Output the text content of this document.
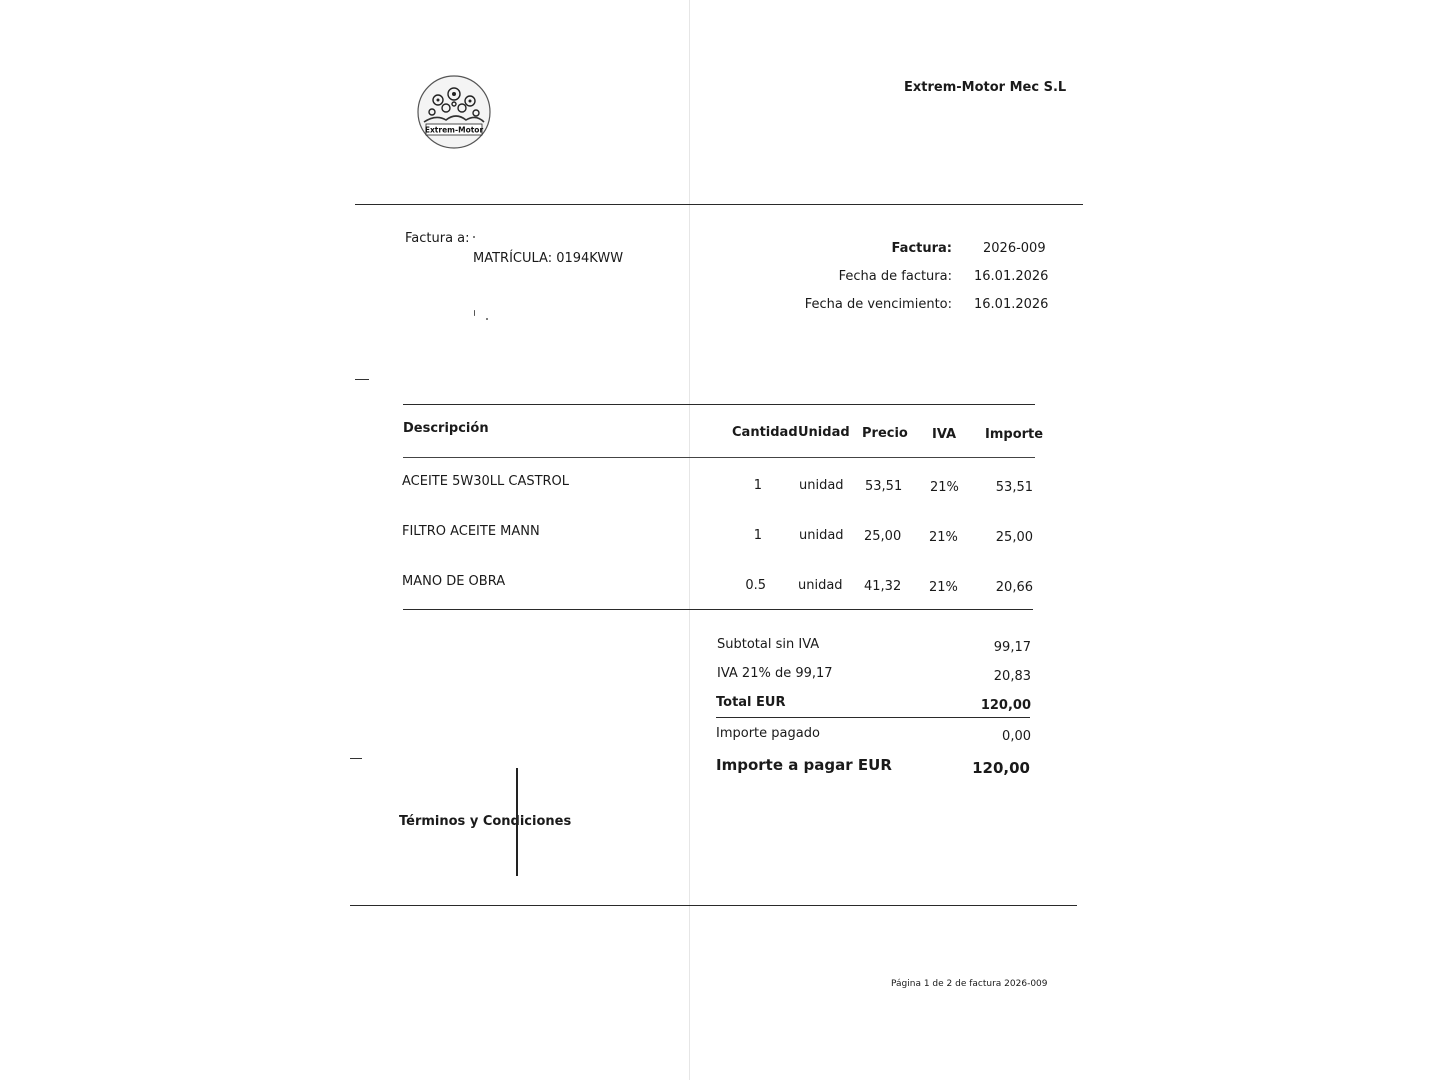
Extrem-Motor
Extrem-Motor Mec S.L
Factura a:
MATRÍCULA: 0194KWW
Factura: 2026-009
Fecha de factura: 16.01.2026
Fecha de vencimiento: 16.01.2026
Descripción	Cantidad Unidad Precio IVA Importe
ACEITE 5W30LL CASTROL	1	unidad 53,51 21%	53,51
FILTRO ACEITE MANN	1	unidad 25,00 21%	25,00
MANO DE OBRA	0.5 unidad 41,32 21%	20,66
Subtotal sin IVA	99,17
IVA 21% de 99,17	20,83
Total EUR	120,00
Importe pagado	0,00
Importe a pagar EUR	120,00
Términos y Condiciones
Página 1 de 2 de factura 2026-009
